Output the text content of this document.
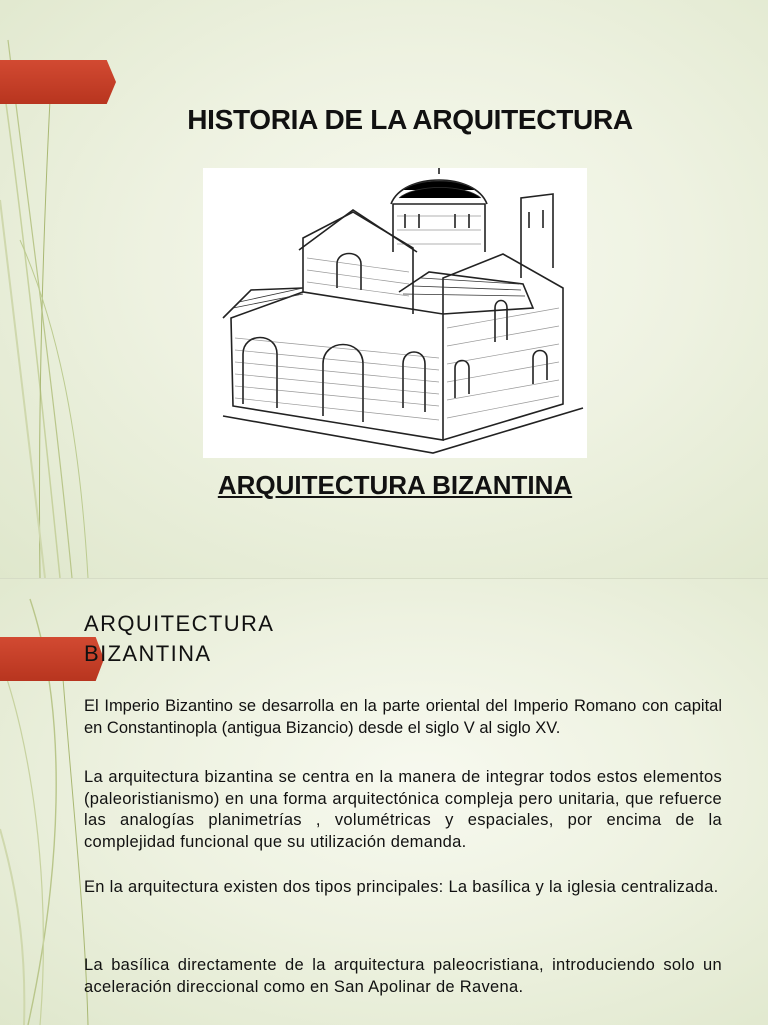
HISTORIA DE LA ARQUITECTURA
ARQUITECTURA BIZANTINA
ARQUITECTURA
BIZANTINA

El Imperio Bizantino se desarrolla en la parte oriental del Imperio Romano con capital en Constantinopla (antigua Bizancio) desde el siglo V al siglo XV.

La arquitectura bizantina se centra en la manera de integrar todos estos elementos (paleoristianismo) en una forma arquitectónica compleja pero unitaria, que refuerce las analogías planimetrías , volumétricas y espaciales, por encima de la complejidad funcional que su utilización demanda.

En la arquitectura existen dos tipos principales: La basílica y la iglesia centralizada.

La basílica directamente de la arquitectura paleocristiana, introduciendo solo un aceleración direccional como en San Apolinar de Ravena.
